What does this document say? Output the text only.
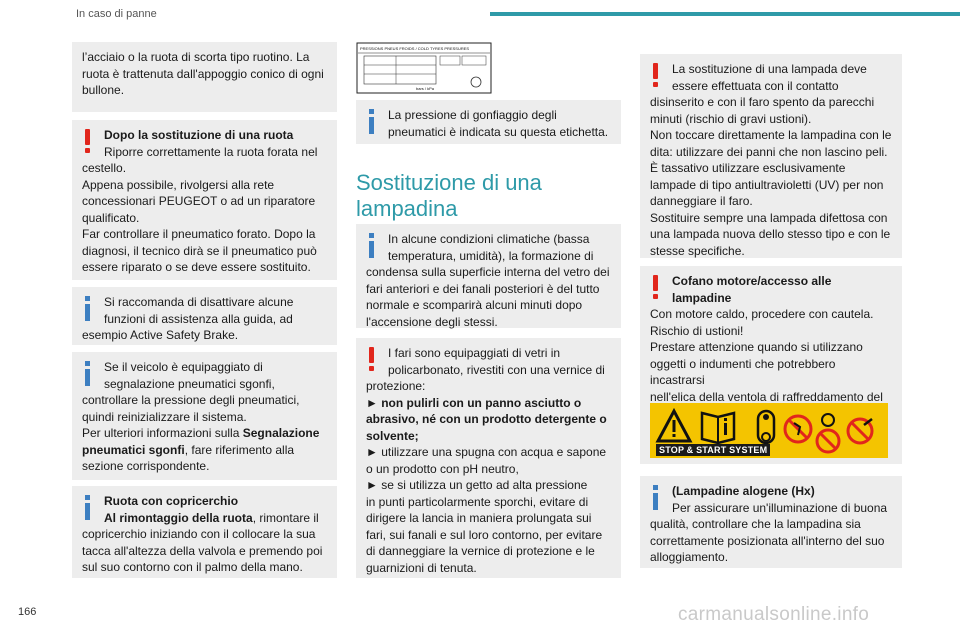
In caso di panne

l’acciaio o la ruota di scorta tipo ruotino. La

ruota è trattenuta dall'appoggio conico di ogni

bullone.

Dopo la sostituzione di una ruota

Riporre correttamente la ruota forata nel

cestello.

Appena possibile, rivolgersi alla rete

concessionari PEUGEOT o ad un riparatore

qualificato.

Far controllare il pneumatico forato. Dopo la

diagnosi, il tecnico dirà se il pneumatico può

essere riparato o se deve essere sostituito.

Si raccomanda di disattivare alcune

funzioni di assistenza alla guida, ad

esempio Active Safety Brake.

Se il veicolo è equipaggiato di

segnalazione pneumatici sgonfi,

controllare la pressione degli pneumatici,

quindi reinizializzare il sistema.

Per ulteriori informazioni sulla Segnalazione

pneumatici sgonfi, fare riferimento alla

sezione corrispondente.

Ruota con copricerchio

Al rimontaggio della ruota, rimontare il

copricerchio iniziando con il collocare la sua

tacca all'altezza della valvola e premendo poi

sul suo contorno con il palmo della mano.

PRESSIONS PNEUS FROIDS / COLD TYRES PRESSURES
bars / kPa

La pressione di gonfiaggio degli

pneumatici è indicata su questa etichetta.

Sostituzione di una
lampadina

In alcune condizioni climatiche (bassa

temperatura, umidità), la formazione di

condensa sulla superficie interna del vetro dei

fari anteriori e dei fanali posteriori è del tutto

normale e scomparirà alcuni minuti dopo

l'accensione degli stessi.

I fari sono equipaggiati di vetri in

policarbonato, rivestiti con una vernice di

protezione:

► non pulirli con un panno asciutto o

abrasivo, né con un prodotto detergente o

solvente;

► utilizzare una spugna con acqua e sapone

o un prodotto con pH neutro,

► se si utilizza un getto ad alta pressione

in punti particolarmente sporchi, evitare di

dirigere la lancia in maniera prolungata sui

fari, sui fanali e sul loro contorno, per evitare

di danneggiare la vernice di protezione e le

guarnizioni di tenuta.

La sostituzione di una lampada deve

essere effettuata con il contatto

disinserito e con il faro spento da parecchi

minuti (rischio di gravi ustioni).

Non toccare direttamente la lampadina con le

dita: utilizzare dei panni che non lascino peli.

È tassativo utilizzare esclusivamente

lampade di tipo antiultravioletti (UV) per non

danneggiare il faro.

Sostituire sempre una lampada difettosa con

una lampada nuova dello stesso tipo e con le

stesse specifiche.

Cofano motore/accesso alle

lampadine

Con motore caldo, procedere con cautela.

Rischio di ustioni!

Prestare attenzione quando si utilizzano

oggetti o indumenti che potrebbero incastrarsi

nell'elica della ventola di raffreddamento del

STOP & START SYSTEM

(Lampadine alogene (Hx)

Per assicurare un'illuminazione di buona

qualità, controllare che la lampadina sia

correttamente posizionata all'interno del suo

alloggiamento.

166	carmanualsonline.info
